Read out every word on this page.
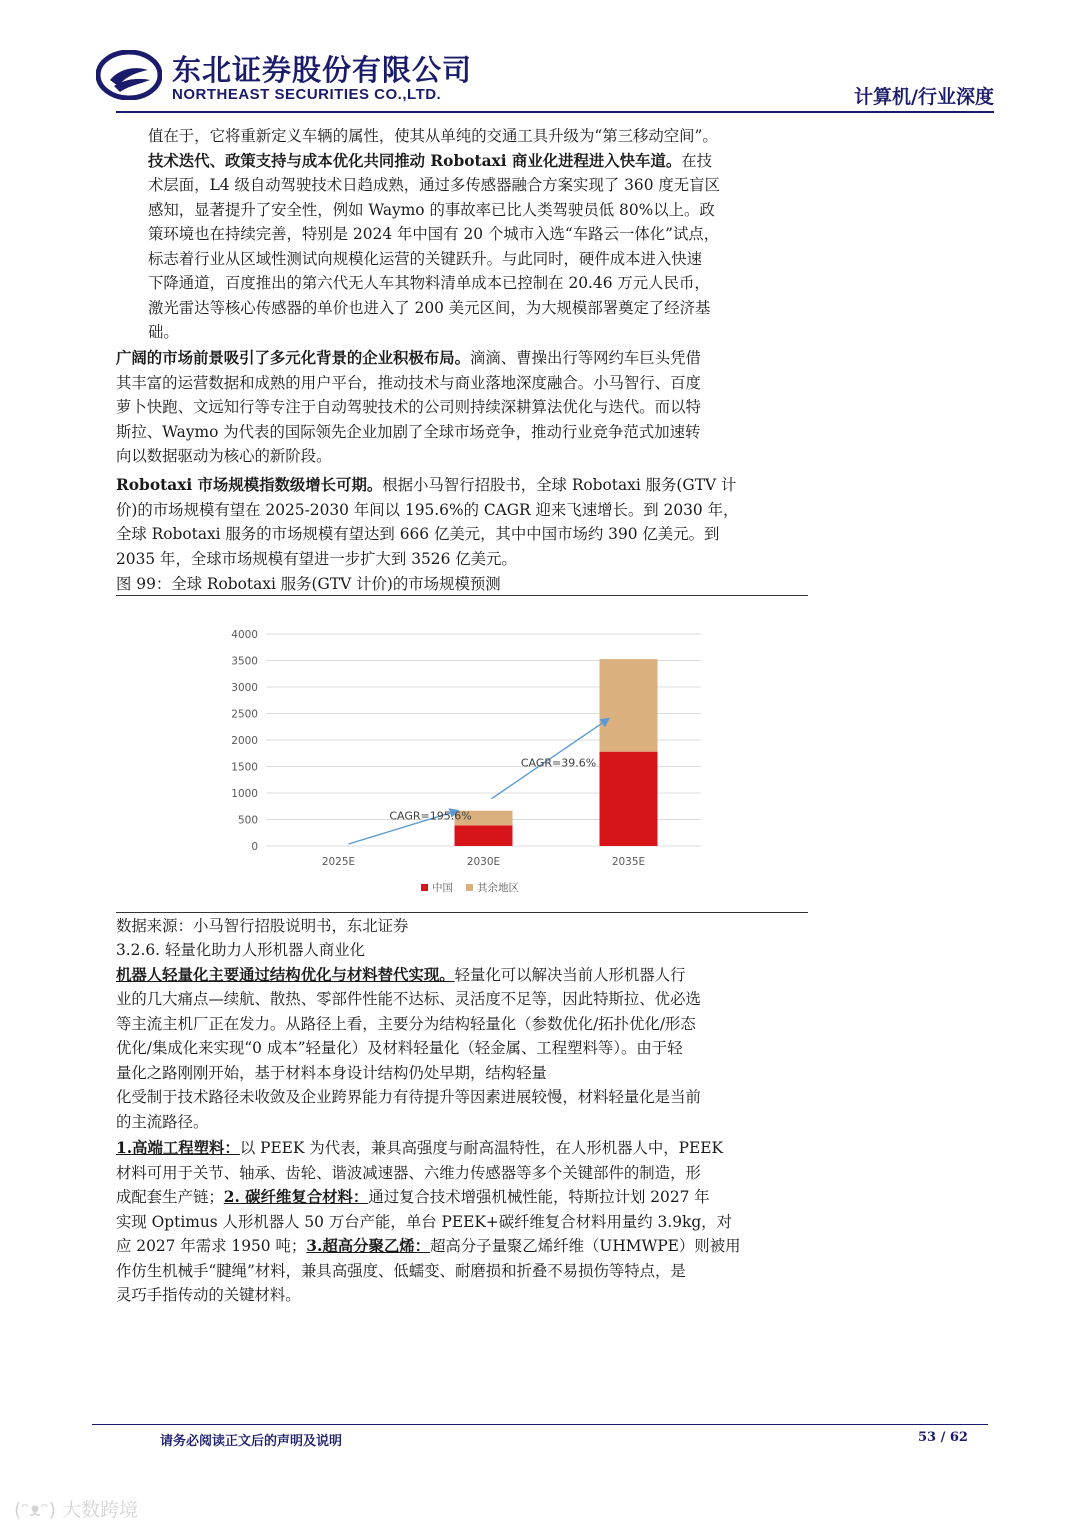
东北证券股份有限公司
NORTHEAST SECURITIES CO.,LTD.	计算机/行业深度

值在于，它将重新定义车辆的属性，使其从单纯的交通工具升级为“第三移动空间”。

技术迭代、政策支持与成本优化共同推动 Robotaxi 商业化进程进入快车道。在技

术层面，L4 级自动驾驶技术日趋成熟，通过多传感器融合方案实现了 360 度无盲区

感知，显著提升了安全性，例如 Waymo 的事故率已比人类驾驶员低 80%以上。政

策环境也在持续完善，特别是 2024 年中国有 20 个城市入选“车路云一体化”试点，

标志着行业从区域性测试向规模化运营的关键跃升。与此同时，硬件成本进入快速

下降通道，百度推出的第六代无人车其物料清单成本已控制在 20.46 万元人民币，

激光雷达等核心传感器的单价也进入了 200 美元区间，为大规模部署奠定了经济基

础。

广阔的市场前景吸引了多元化背景的企业积极布局。滴滴、曹操出行等网约车巨头凭借

其丰富的运营数据和成熟的用户平台，推动技术与商业落地深度融合。小马智行、百度

萝卜快跑、文远知行等专注于自动驾驶技术的公司则持续深耕算法优化与迭代。而以特

斯拉、Waymo 为代表的国际领先企业加剧了全球市场竞争，推动行业竞争范式加速转

向以数据驱动为核心的新阶段。

Robotaxi 市场规模指数级增长可期。根据小马智行招股书，全球 Robotaxi 服务(GTV 计

价)的市场规模有望在 2025-2030 年间以 195.6%的 CAGR 迎来飞速增长。到 2030 年，

全球 Robotaxi 服务的市场规模有望达到 666 亿美元，其中中国市场约 390 亿美元。到

2035 年，全球市场规模有望进一步扩大到 3526 亿美元。

图 99：全球 Robotaxi 服务(GTV 计价)的市场规模预测
0
500
1000
1500
2000
2500
3000
3500
4000
2025E	2030E	2035E
CAGR=195.6%
CAGR=39.6%
中国 其余地区
数据来源：小马智行招股说明书，东北证券

3.2.6. 轻量化助力人形机器人商业化

机器人轻量化主要通过结构优化与材料替代实现。轻量化可以解决当前人形机器人行

业的几大痛点—续航、散热、零部件性能不达标、灵活度不足等，因此特斯拉、优必选

等主流主机厂正在发力。从路径上看，主要分为结构轻量化（参数优化/拓扑优化/形态

优化/集成化来实现“0 成本”轻量化）及材料轻量化（轻金属、工程塑料等）。由于轻

量化之路刚刚开始，基于材料本身设计结构仍处早期，结构轻量

化受制于技术路径未收敛及企业跨界能力有待提升等因素进展较慢，材料轻量化是当前

的主流路径。

1.高端工程塑料：以 PEEK 为代表，兼具高强度与耐高温特性，在人形机器人中，PEEK

材料可用于关节、轴承、齿轮、谐波减速器、六维力传感器等多个关键部件的制造，形

成配套生产链；2. 碳纤维复合材料：通过复合技术增强机械性能，特斯拉计划 2027 年

实现 Optimus 人形机器人 50 万台产能，单台 PEEK+碳纤维复合材料用量约 3.9kg，对

应 2027 年需求 1950 吨；3.超高分聚乙烯：超高分子量聚乙烯纤维（UHMWPE）则被用

作仿生机械手“腱绳”材料，兼具高强度、低蠕变、耐磨损和折叠不易损伤等特点，是

灵巧手指传动的关键材料。

请务必阅读正文后的声明及说明	53 / 62
(ᵔᴥᵔ) 大数跨境
